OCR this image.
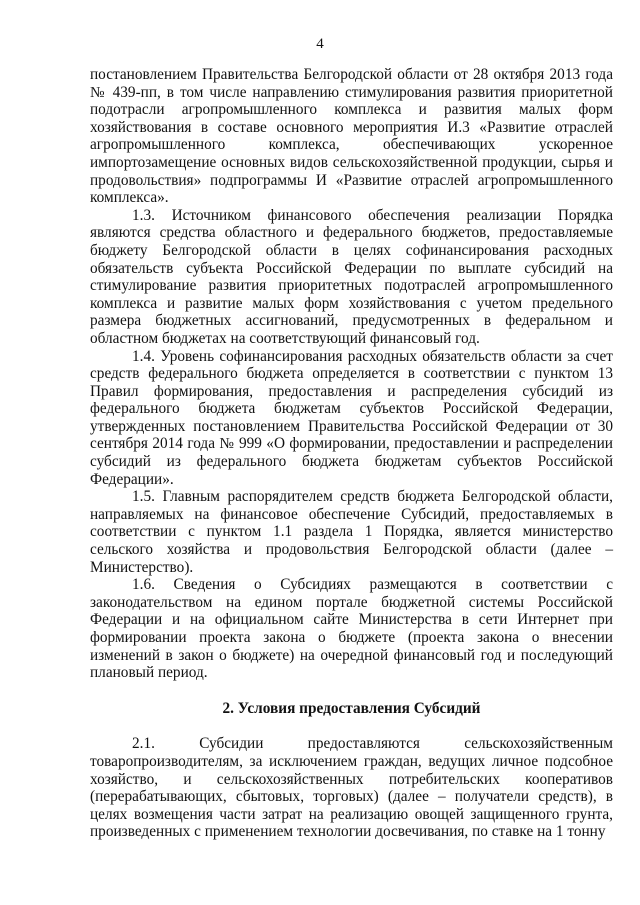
4

постановлением Правительства Белгородской области от 28 октября 2013 года № 439-пп, в том числе направлению стимулирования развития приоритетной подотрасли агропромышленного комплекса и развития малых форм хозяйствования в составе основного мероприятия И.3 «Развитие отраслей агропромышленного комплекса, обеспечивающих ускоренное импортозамещение основных видов сельскохозяйственной продукции, сырья и продовольствия» подпрограммы И «Развитие отраслей агропромышленного комплекса».

1.3. Источником финансового обеспечения реализации Порядка являются средства областного и федерального бюджетов, предоставляемые бюджету Белгородской области в целях софинансирования расходных обязательств субъекта Российской Федерации по выплате субсидий на стимулирование развития приоритетных подотраслей агропромышленного комплекса и развитие малых форм хозяйствования с учетом предельного размера бюджетных ассигнований, предусмотренных в федеральном и областном бюджетах на соответствующий финансовый год.

1.4. Уровень софинансирования расходных обязательств области за счет средств федерального бюджета определяется в соответствии с пунктом 13 Правил формирования, предоставления и распределения субсидий из федерального бюджета бюджетам субъектов Российской Федерации, утвержденных постановлением Правительства Российской Федерации от 30 сентября 2014 года № 999 «О формировании, предоставлении и распределении субсидий из федерального бюджета бюджетам субъектов Российской Федерации».

1.5. Главным распорядителем средств бюджета Белгородской области, направляемых на финансовое обеспечение Субсидий, предоставляемых в соответствии с пунктом 1.1 раздела 1 Порядка, является министерство сельского хозяйства и продовольствия Белгородской области (далее – Министерство).

1.6. Сведения о Субсидиях размещаются в соответствии с законодательством на едином портале бюджетной системы Российской Федерации и на официальном сайте Министерства в сети Интернет при формировании проекта закона о бюджете (проекта закона о внесении изменений в закон о бюджете) на очередной финансовый год и последующий плановый период.

2. Условия предоставления Субсидий

2.1. Субсидии предоставляются сельскохозяйственным товаропроизводителям, за исключением граждан, ведущих личное подсобное хозяйство, и сельскохозяйственных потребительских кооперативов (перерабатывающих, сбытовых, торговых) (далее – получатели средств), в целях возмещения части затрат на реализацию овощей защищенного грунта, произведенных с применением технологии досвечивания, по ставке на 1 тонну
